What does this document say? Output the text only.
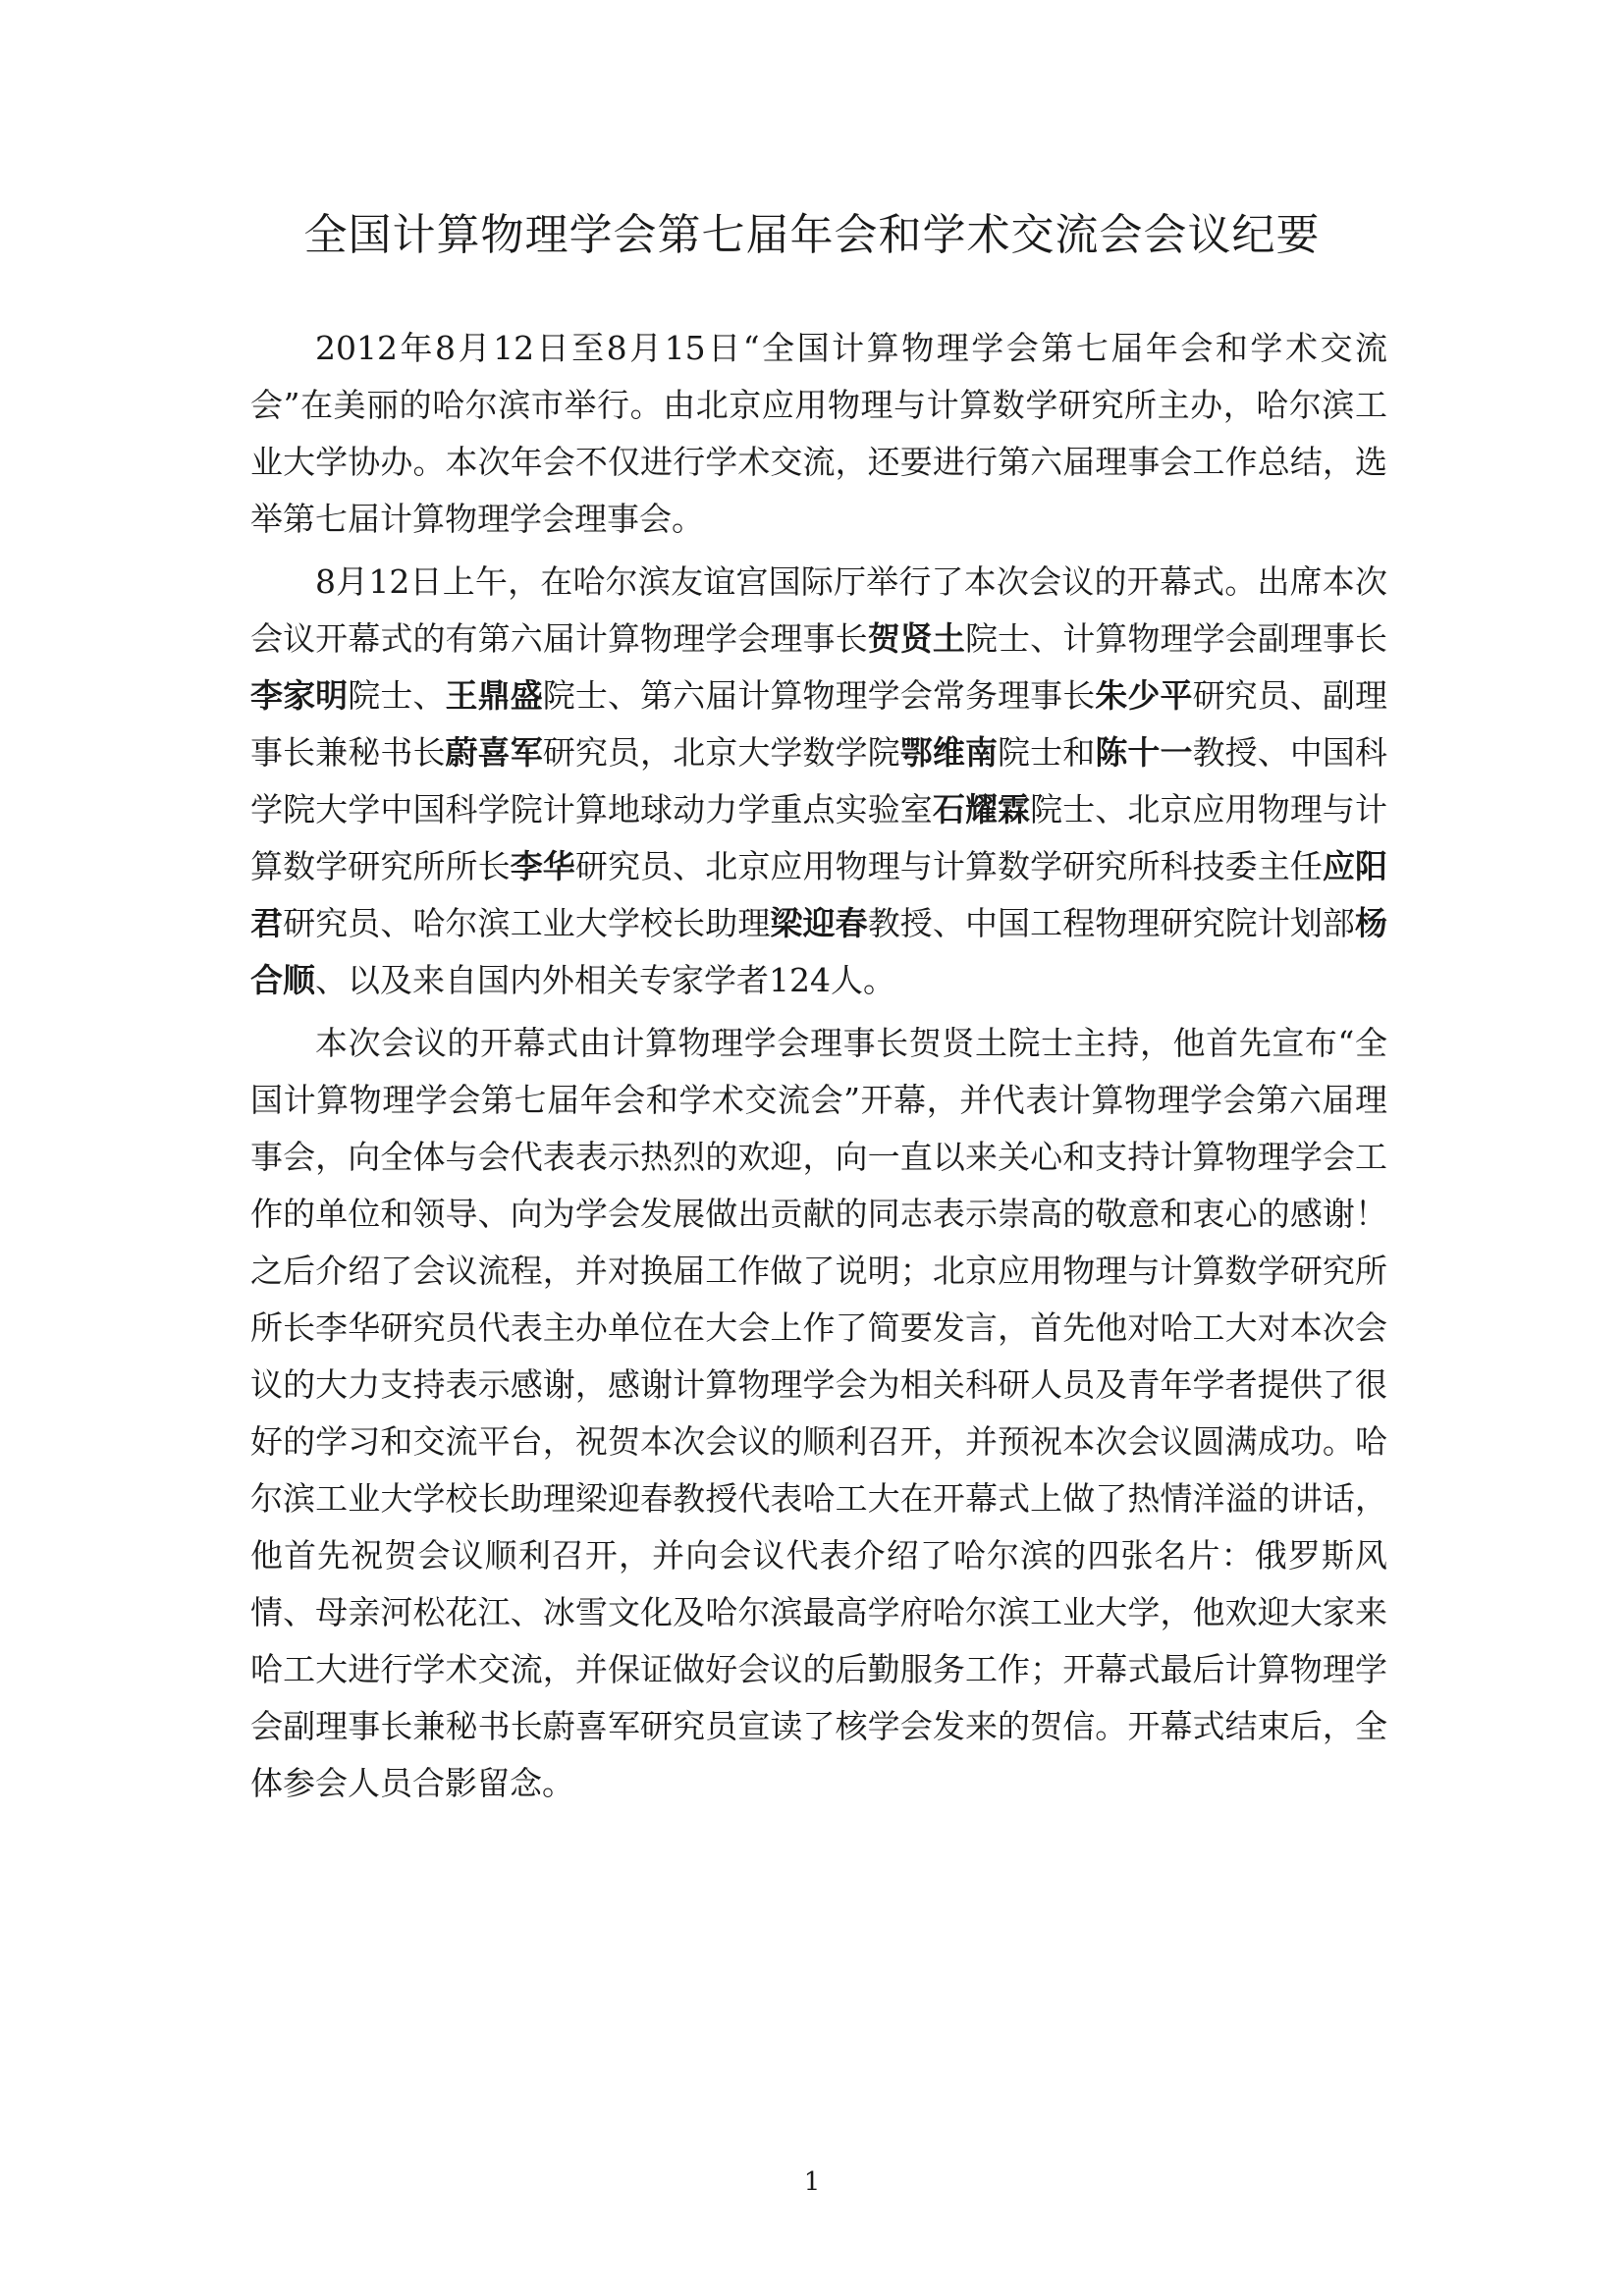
全国计算物理学会第七届年会和学术交流会会议纪要

2012年8月12日至8月15日“全国计算物理学会第七届年会和学术交流会”在美丽的哈尔滨市举行。由北京应用物理与计算数学研究所主办，哈尔滨工业大学协办。本次年会不仅进行学术交流，还要进行第六届理事会工作总结，选举第七届计算物理学会理事会。

8月12日上午，在哈尔滨友谊宫国际厅举行了本次会议的开幕式。出席本次会议开幕式的有第六届计算物理学会理事长贺贤土院士、计算物理学会副理事长李家明院士、王鼎盛院士、第六届计算物理学会常务理事长朱少平研究员、副理事长兼秘书长蔚喜军研究员，北京大学数学院鄂维南院士和陈十一教授、中国科学院大学中国科学院计算地球动力学重点实验室石耀霖院士、北京应用物理与计算数学研究所所长李华研究员、北京应用物理与计算数学研究所科技委主任应阳君研究员、哈尔滨工业大学校长助理梁迎春教授、中国工程物理研究院计划部杨合顺、以及来自国内外相关专家学者124人。

本次会议的开幕式由计算物理学会理事长贺贤土院士主持，他首先宣布“全国计算物理学会第七届年会和学术交流会”开幕，并代表计算物理学会第六届理事会，向全体与会代表表示热烈的欢迎，向一直以来关心和支持计算物理学会工作的单位和领导、向为学会发展做出贡献的同志表示崇高的敬意和衷心的感谢！之后介绍了会议流程，并对换届工作做了说明；北京应用物理与计算数学研究所所长李华研究员代表主办单位在大会上作了简要发言，首先他对哈工大对本次会议的大力支持表示感谢，感谢计算物理学会为相关科研人员及青年学者提供了很好的学习和交流平台，祝贺本次会议的顺利召开，并预祝本次会议圆满成功。哈尔滨工业大学校长助理梁迎春教授代表哈工大在开幕式上做了热情洋溢的讲话，他首先祝贺会议顺利召开，并向会议代表介绍了哈尔滨的四张名片：俄罗斯风情、母亲河松花江、冰雪文化及哈尔滨最高学府哈尔滨工业大学，他欢迎大家来哈工大进行学术交流，并保证做好会议的后勤服务工作；开幕式最后计算物理学会副理事长兼秘书长蔚喜军研究员宣读了核学会发来的贺信。开幕式结束后，全体参会人员合影留念。

1
